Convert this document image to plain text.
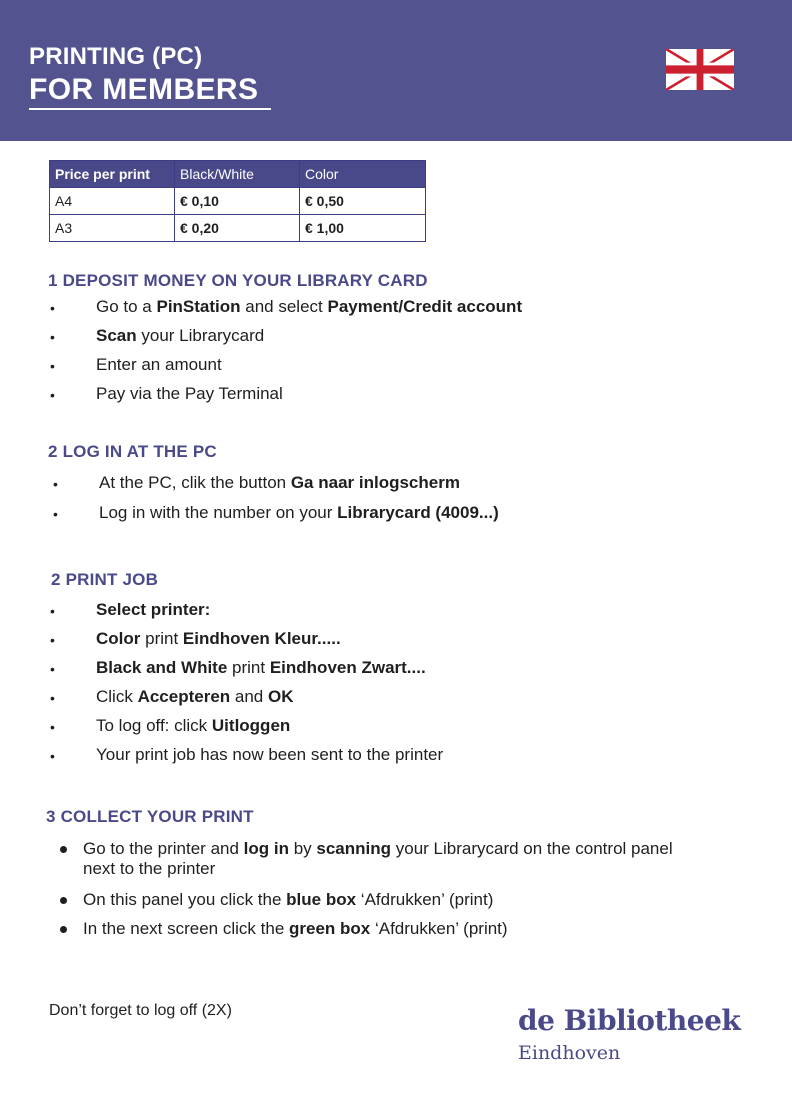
PRINTING (PC)
FOR MEMBERS
Price per print	Black/White	Color
A4	€ 0,10	€ 0,50
A3	€ 0,20	€ 1,00
1 DEPOSIT MONEY ON YOUR LIBRARY CARD
• Go to a PinStation and select Payment/Credit account
• Scan your Librarycard
• Enter an amount
• Pay via the Pay Terminal
2 LOG IN AT THE PC
• At the PC, clik the button Ga naar inlogscherm
• Log in with the number on your Librarycard (4009...)
2 PRINT JOB
• Select printer:
• Color print Eindhoven Kleur.....
• Black and White print Eindhoven Zwart....
• Click Accepteren and OK
• To log off: click Uitloggen
• Your print job has now been sent to the printer
3 COLLECT YOUR PRINT
Go to the printer and log in by scanning your Librarycard on the control panel next to the printer
On this panel you click the blue box ‘Afdrukken’ (print)
In the next screen click the green box ‘Afdrukken’ (print)
Don’t forget to log off (2X)	de Bibliotheek
Eindhoven
